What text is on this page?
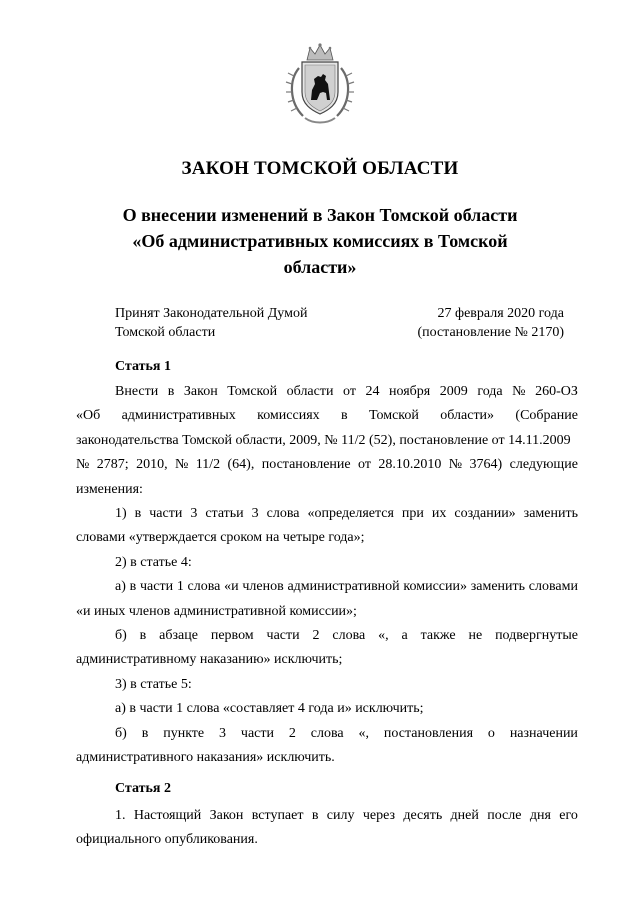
ЗАКОН ТОМСКОЙ ОБЛАСТИ
О внесении изменений в Закон Томской области
«Об административных комиссиях в Томской
области»
Принят Законодательной Думой
Томской области
27 февраля 2020 года
(постановление № 2170)
Статья 1
Внести в Закон Томской области от 24 ноября 2009 года № 260-ОЗ
«Об административных комиссиях в Томской области» (Собрание
законодательства Томской области, 2009, № 11/2 (52), постановление от 14.11.2009
№ 2787; 2010, № 11/2 (64), постановление от 28.10.2010 № 3764) следующие
изменения:
1) в части 3 статьи 3 слова «определяется при их создании» заменить
словами «утверждается сроком на четыре года»;
2) в статье 4:
а) в части 1 слова «и членов административной комиссии» заменить словами
«и иных членов административной комиссии»;
б) в абзаце первом части 2 слова «, а также не подвергнутые
административному наказанию» исключить;
3) в статье 5:
а) в части 1 слова «составляет 4 года и» исключить;
б) в пункте 3 части 2 слова «, постановления о назначении
административного наказания» исключить.
Статья 2
1. Настоящий Закон вступает в силу через десять дней после дня его
официального опубликования.
